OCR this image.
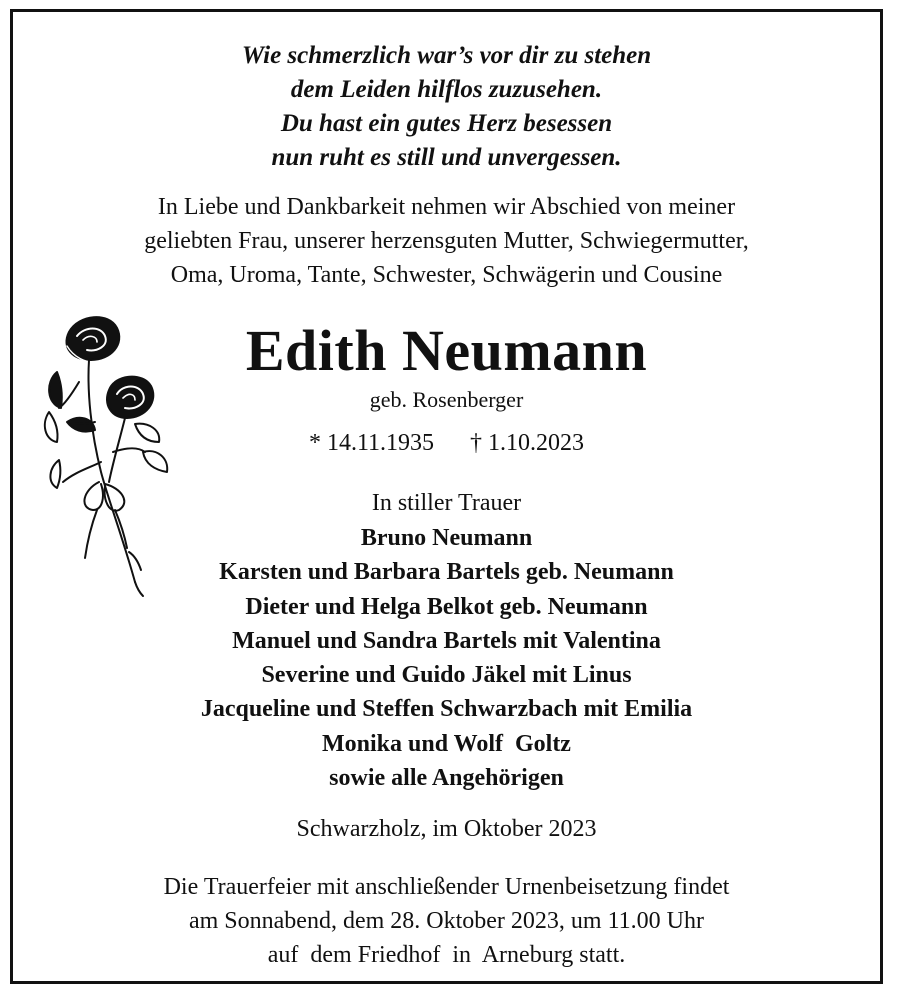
Wie schmerzlich war’s vor dir zu stehen
dem Leiden hilflos zuzusehen.
Du hast ein gutes Herz besessen
nun ruht es still und unvergessen.
In Liebe und Dankbarkeit nehmen wir Abschied von meiner
geliebten Frau, unserer herzensguten Mutter, Schwiegermutter,
Oma, Uroma, Tante, Schwester, Schwägerin und Cousine
Edith Neumann
geb. Rosenberger
* 14.11.1935 † 1.10.2023
In stiller Trauer
Bruno Neumann
Karsten und Barbara Bartels geb. Neumann
Dieter und Helga Belkot geb. Neumann
Manuel und Sandra Bartels mit Valentina
Severine und Guido Jäkel mit Linus
Jacqueline und Steffen Schwarzbach mit Emilia
Monika und Wolf  Goltz
sowie alle Angehörigen
Schwarzholz, im Oktober 2023
Die Trauerfeier mit anschließender Urnenbeisetzung findet
am Sonnabend, dem 28. Oktober 2023, um 11.00 Uhr
auf  dem Friedhof  in  Arneburg statt.
